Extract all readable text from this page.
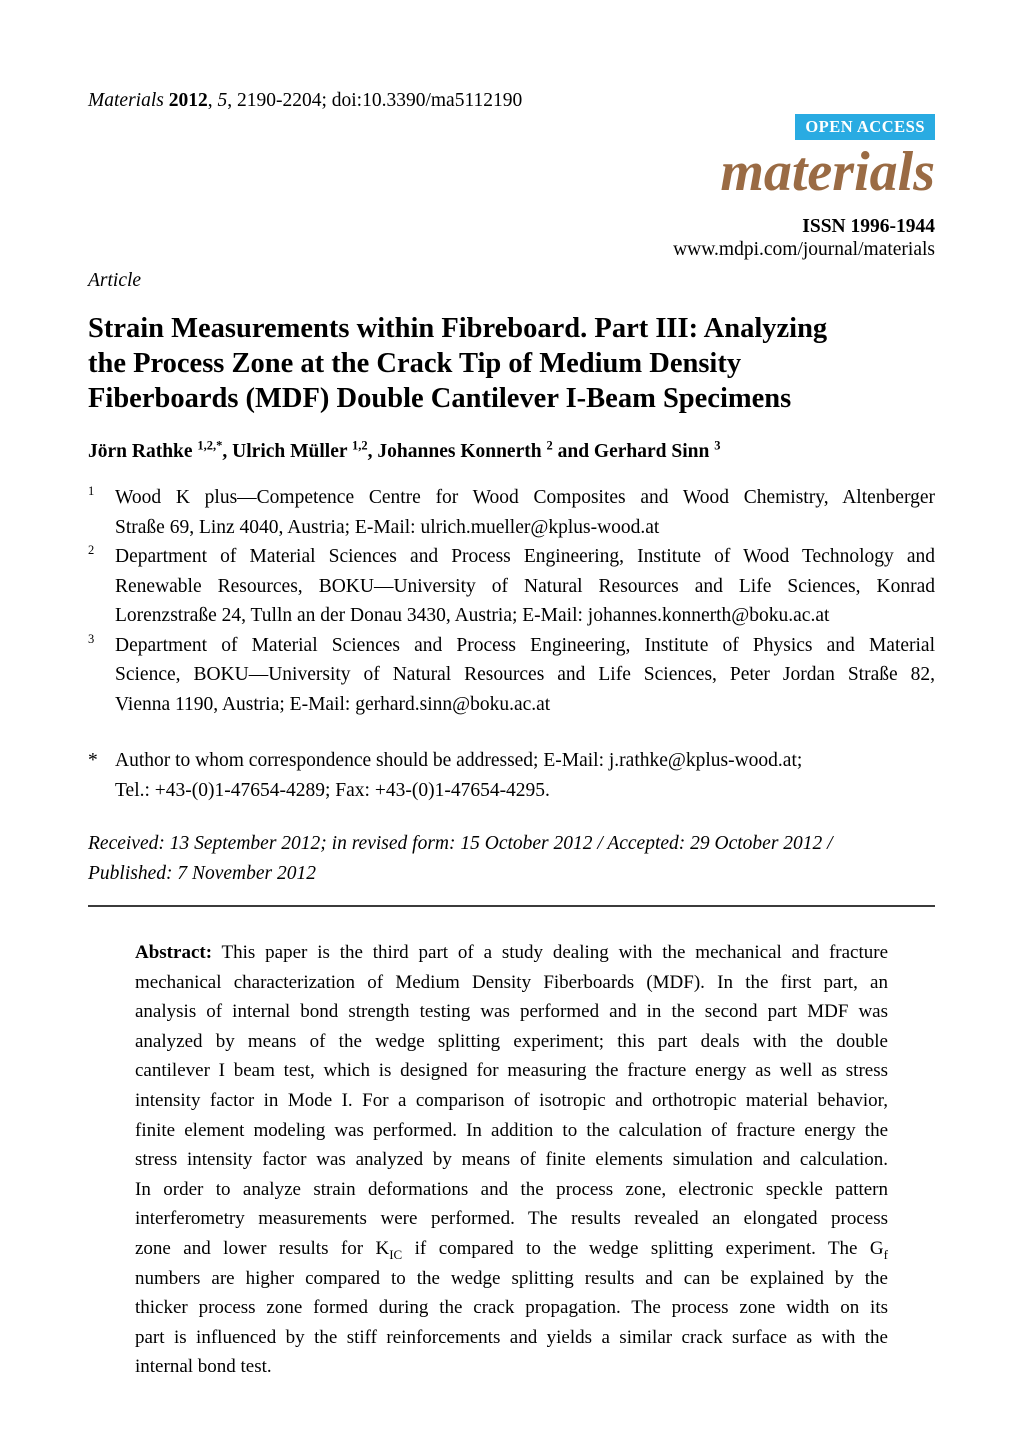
Materials 2012, 5, 2190-2204; doi:10.3390/ma5112190
OPEN ACCESS
materials
ISSN 1996-1944
www.mdpi.com/journal/materials
Article
Strain Measurements within Fibreboard. Part III: Analyzing
the Process Zone at the Crack Tip of Medium Density
Fiberboards (MDF) Double Cantilever I-Beam Specimens
Jörn Rathke $^{1,2,*}$, Ulrich Müller $^{1,2}$, Johannes Konnerth $^2$ and Gerhard Sinn $^3$
1	Wood K plus—Competence Centre for Wood Composites and Wood Chemistry, Altenberger
Straße 69, Linz 4040, Austria; E-Mail: ulrich.mueller@kplus-wood.at
2	Department of Material Sciences and Process Engineering, Institute of Wood Technology and
Renewable Resources, BOKU—University of Natural Resources and Life Sciences, Konrad
Lorenzstraße 24, Tulln an der Donau 3430, Austria; E-Mail: johannes.konnerth@boku.ac.at
3	Department of Material Sciences and Process Engineering, Institute of Physics and Material
Science, BOKU—University of Natural Resources and Life Sciences, Peter Jordan Straße 82,
Vienna 1190, Austria; E-Mail: gerhard.sinn@boku.ac.at
* Author to whom correspondence should be addressed; E-Mail: j.rathke@kplus-wood.at;
Tel.: +43-(0)1-47654-4289; Fax: +43-(0)1-47654-4295.
Received: 13 September 2012; in revised form: 15 October 2012 / Accepted: 29 October 2012 /
Published: 7 November 2012
Abstract: This paper is the third part of a study dealing with the mechanical and fracture
mechanical characterization of Medium Density Fiberboards (MDF). In the first part, an
analysis of internal bond strength testing was performed and in the second part MDF was
analyzed by means of the wedge splitting experiment; this part deals with the double
cantilever I beam test, which is designed for measuring the fracture energy as well as stress
intensity factor in Mode I. For a comparison of isotropic and orthotropic material behavior,
finite element modeling was performed. In addition to the calculation of fracture energy the
stress intensity factor was analyzed by means of finite elements simulation and calculation.
In order to analyze strain deformations and the process zone, electronic speckle pattern
interferometry measurements were performed. The results revealed an elongated process
zone and lower results for $K_{IC}$ if compared to the wedge splitting experiment. The $G_f$
numbers are higher compared to the wedge splitting results and can be explained by the
thicker process zone formed during the crack propagation. The process zone width on its
part is influenced by the stiff reinforcements and yields a similar crack surface as with the
internal bond test.
